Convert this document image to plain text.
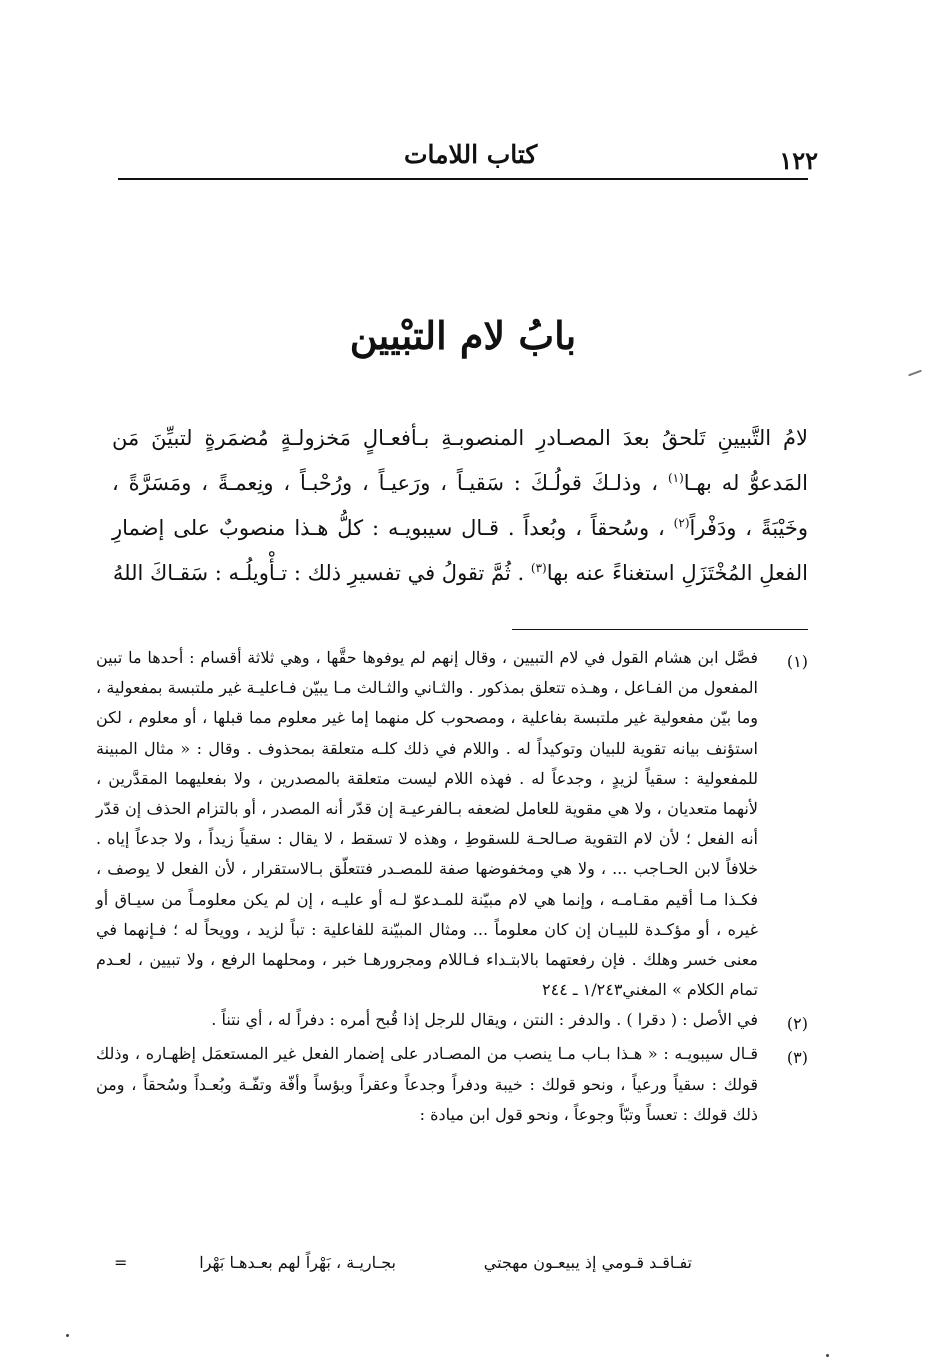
١٢٢
كتاب اللامات
بابُ لام التبْيين

لامُ التَّبيينِ تَلحقُ بعدَ المصـادرِ المنصوبـةِ بـأفعـالٍ مَخزولـةٍ مُضمَرةٍ لتبيِّنَ مَن المَدعوُّ له بهـا$^{(١)}$ ، وذلـكَ قولُـكَ : سَقيـاً ، ورَعيـاً ، ورُحْبـاً ، ونِعمـةً ، ومَسَرَّةً ، وخَيْبَةً ، ودَفْراً$^{(٢)}$ ، وسُحقاً ، وبُعداً . قـال سيبويـه : كلُّ هـذا منصوبٌ على إضمارِ الفعلِ المُخْتَزَلِ استغناءً عنه بها$^{(٣)}$ . ثُمَّ تقولُ في تفسيرِ ذلك : تـأْويلُـه : سَقـاكَ اللهُ

(١)

فصَّل ابن هشام القول في لام التبيين ، وقال إنهم لم يوفوها حقَّها ، وهي ثلاثة أقسام : أحدها ما تبين المفعول من الفـاعل ، وهـذه تتعلق بمذكور . والثـاني والثـالث مـا يبيّن فـاعليـة غير ملتبسة بمفعولية ، وما بيّن مفعولية غير ملتبسة بفاعلية ، ومصحوب كل منهما إما غير معلوم مما قبلها ، أو معلوم ، لكن استؤنف بيانه تقوية للبيان وتوكيداً له . واللام في ذلك كلـه متعلقة بمحذوف . وقال : « مثال المبينة للمفعولية : سقياً لزيدٍ ، وجدعاً له . فهذه اللام ليست متعلقة بالمصدرين ، ولا بفعليهما المقدَّرين ، لأنهما متعديان ، ولا هي مقوية للعامل لضعفه بـالفرعيـة إن قدّر أنه المصدر ، أو بالتزام الحذف إن قدّر أنه الفعل ؛ لأن لام التقوية صـالحـة للسقوطِ ، وهذه لا تسقط ، لا يقال : سقياً زيداً ، ولا جدعاً إياه . خلافاً لابن الحـاجب ... ، ولا هي ومخفوضها صفة للمصـدر فتتعلّق بـالاستقرار ، لأن الفعل لا يوصف ، فكـذا مـا أقيم مقـامـه ، وإنما هي لام مبيّنة للمـدعوّ لـه أو عليـه ، إن لم يكن معلومـاً من سيـاق أو غيره ، أو مؤكـدة للبيـان إن كان معلوماً ... ومثال المبيّنة للفاعلية : تباً لزيد ، وويحاً له ؛ فـإنهما في معنى خسر وهلك . فإن رفعتهما بالابتـداء فـاللام ومجرورهـا خبر ، ومحلهما الرفع ، ولا تبيين ، لعـدم تمام الكلام » المغني١/٢٤٣ ـ ٢٤٤

(٢)

في الأصل : ( دقرا ) . والدفر : النتن ، ويقال للرجل إذا قُبح أمره : دفراً له ، أي نتناً .

(٣)

قـال سيبويـه : « هـذا بـاب مـا ينصب من المصـادر على إضمار الفعل غير المستعمَل إظهـاره ، وذلك قولك : سقياً ورعياً ، ونحو قولك : خيبة ودفراً وجدعاً وعقراً وبؤساً وأفّة وتفّـة وبُعـداً وسُحقاً ، ومن ذلك قولك : تعساً وتبّاً وجوعاً ، ونحو قول ابن ميادة :

تفـاقـد قـومي إذ يبيعـون مهجتي
بجـاريـة ، بَهْراً لهم بعـدهـا بَهْرا
=
